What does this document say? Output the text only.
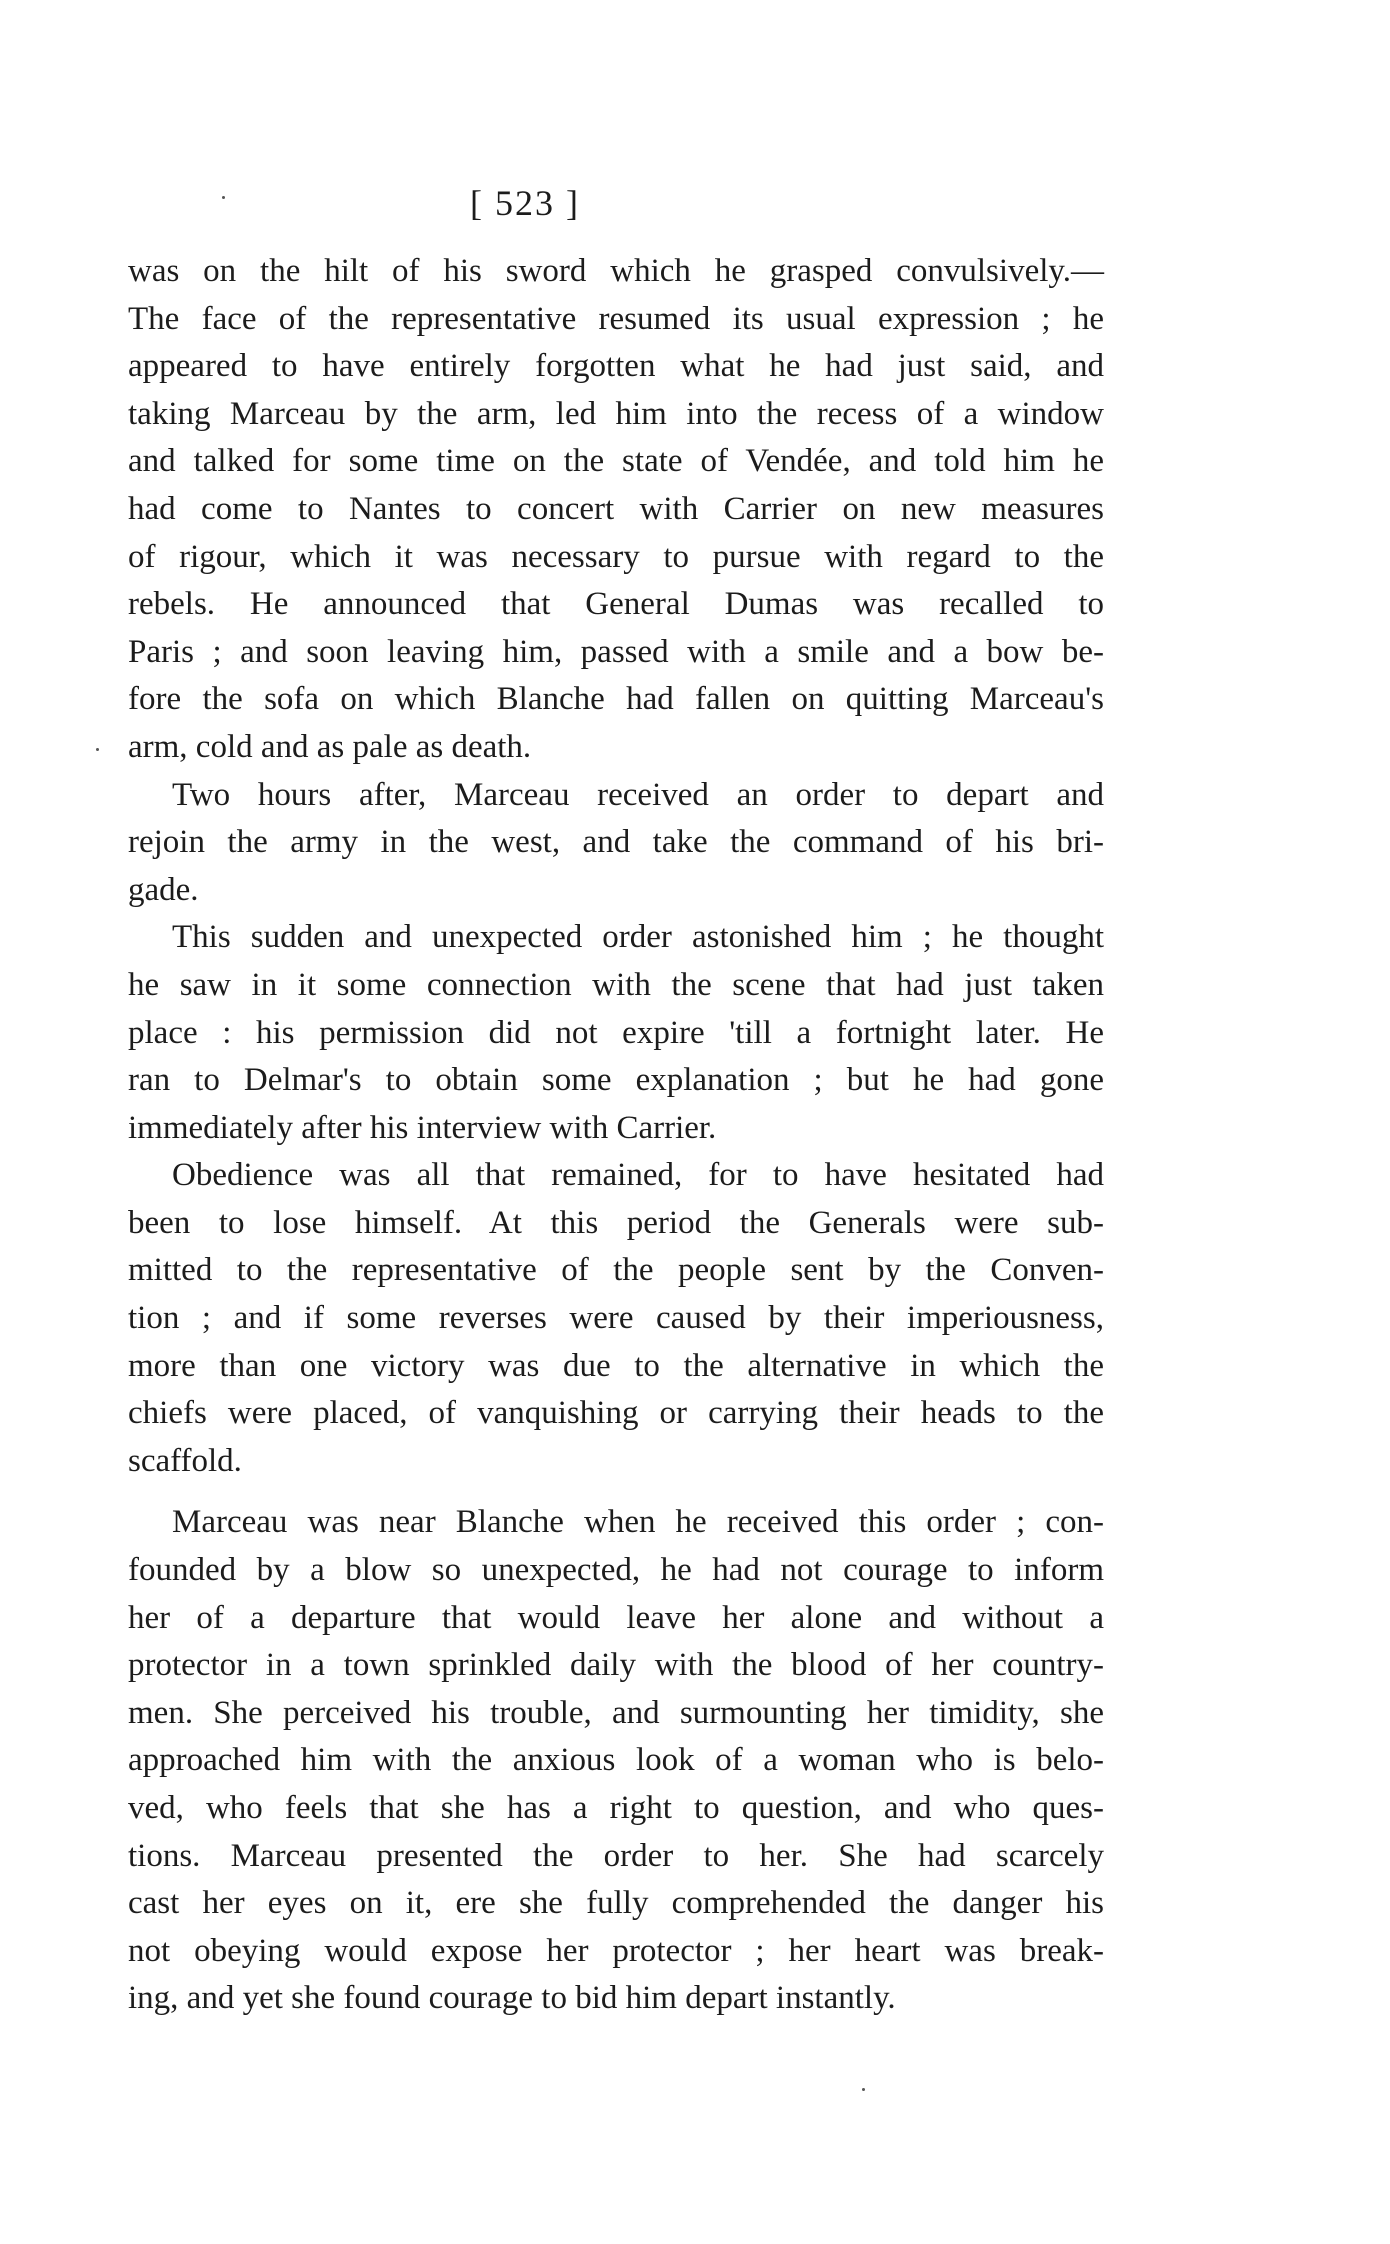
[ 523 ]
was on the hilt of his sword which he grasped convulsively.—
The face of the representative resumed its usual expression ; he
appeared to have entirely forgotten what he had just said, and
taking Marceau by the arm, led him into the recess of a window
and talked for some time on the state of Vendée, and told him he
had come to Nantes to concert with Carrier on new measures
of rigour, which it was necessary to pursue with regard to the
rebels. He announced that General Dumas was recalled to
Paris ; and soon leaving him, passed with a smile and a bow be-
fore the sofa on which Blanche had fallen on quitting Marceau's
arm, cold and as pale as death.
Two hours after, Marceau received an order to depart and
rejoin the army in the west, and take the command of his bri-
gade.
This sudden and unexpected order astonished him ; he thought
he saw in it some connection with the scene that had just taken
place : his permission did not expire 'till a fortnight later. He
ran to Delmar's to obtain some explanation ; but he had gone
immediately after his interview with Carrier.
Obedience was all that remained, for to have hesitated had
been to lose himself. At this period the Generals were sub-
mitted to the representative of the people sent by the Conven-
tion ; and if some reverses were caused by their imperiousness,
more than one victory was due to the alternative in which the
chiefs were placed, of vanquishing or carrying their heads to the
scaffold.
Marceau was near Blanche when he received this order ; con-
founded by a blow so unexpected, he had not courage to inform
her of a departure that would leave her alone and without a
protector in a town sprinkled daily with the blood of her country-
men. She perceived his trouble, and surmounting her timidity, she
approached him with the anxious look of a woman who is belo-
ved, who feels that she has a right to question, and who ques-
tions. Marceau presented the order to her. She had scarcely
cast her eyes on it, ere she fully comprehended the danger his
not obeying would expose her protector ; her heart was break-
ing, and yet she found courage to bid him depart instantly.
